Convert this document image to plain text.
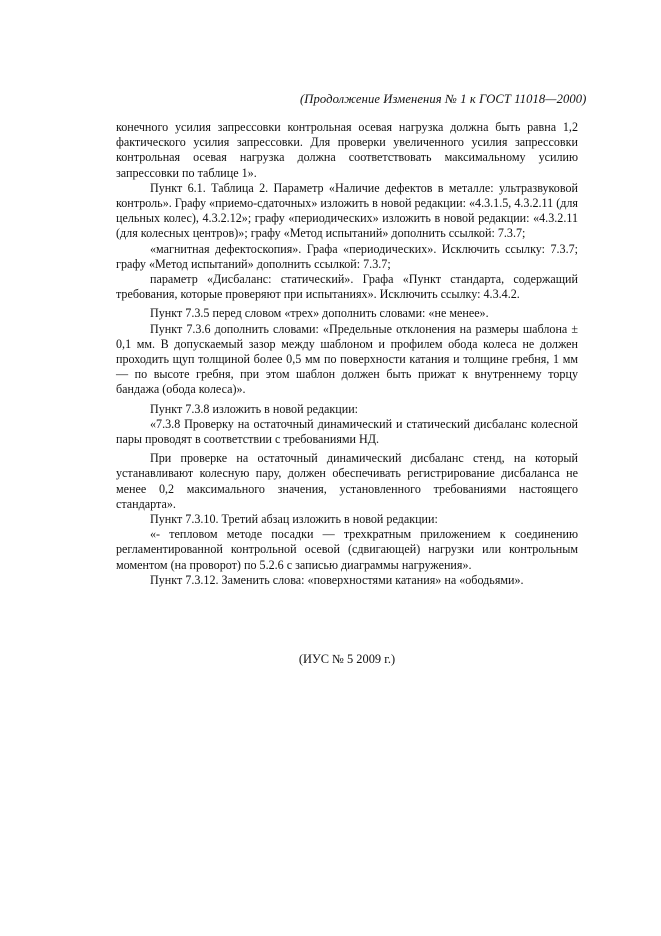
(Продолжение Изменения № 1 к ГОСТ 11018—2000)

конечного усилия запрессовки контрольная осевая нагрузка должна быть равна 1,2 фактического усилия запрессовки. Для проверки увеличенного усилия запрессовки контрольная осевая нагрузка должна соответствовать максимальному усилию запрессовки по таблице 1».

Пункт 6.1. Таблица 2. Параметр «Наличие дефектов в металле: ультразвуковой контроль». Графу «приемо-сдаточных» изложить в новой редакции: «4.3.1.5, 4.3.2.11 (для цельных колес), 4.3.2.12»; графу «периодических» изложить в новой редакции: «4.3.2.11 (для колесных центров)»; графу «Метод испытаний» дополнить ссылкой: 7.3.7;

«магнитная дефектоскопия». Графа «периодических». Исключить ссылку: 7.3.7; графу «Метод испытаний» дополнить ссылкой: 7.3.7;

параметр «Дисбаланс: статический». Графа «Пункт стандарта, содержащий требования, которые проверяют при испытаниях». Исключить ссылку: 4.3.4.2.

Пункт 7.3.5 перед словом «трех» дополнить словами: «не менее».

Пункт 7.3.6 дополнить словами: «Предельные отклонения на размеры шаблона ± 0,1 мм. В допускаемый зазор между шаблоном и профилем обода колеса не должен проходить щуп толщиной более 0,5 мм по поверхности катания и толщине гребня, 1 мм — по высоте гребня, при этом шаблон должен быть прижат к внутреннему торцу бандажа (обода колеса)».

Пункт 7.3.8 изложить в новой редакции:

«7.3.8 Проверку на остаточный динамический и статический дисбаланс колесной пары проводят в соответствии с требованиями НД.

При проверке на остаточный динамический дисбаланс стенд, на который устанавливают колесную пару, должен обеспечивать регистрирование дисбаланса не менее 0,2 максимального значения, установленного требованиями настоящего стандарта».

Пункт 7.3.10. Третий абзац изложить в новой редакции:

«- тепловом методе посадки — трехкратным приложением к соединению регламентированной контрольной осевой (сдвигающей) нагрузки или контрольным моментом (на проворот) по 5.2.6 с записью диаграммы нагружения».

Пункт 7.3.12. Заменить слова: «поверхностями катания» на «ободьями».

(ИУС № 5 2009 г.)
